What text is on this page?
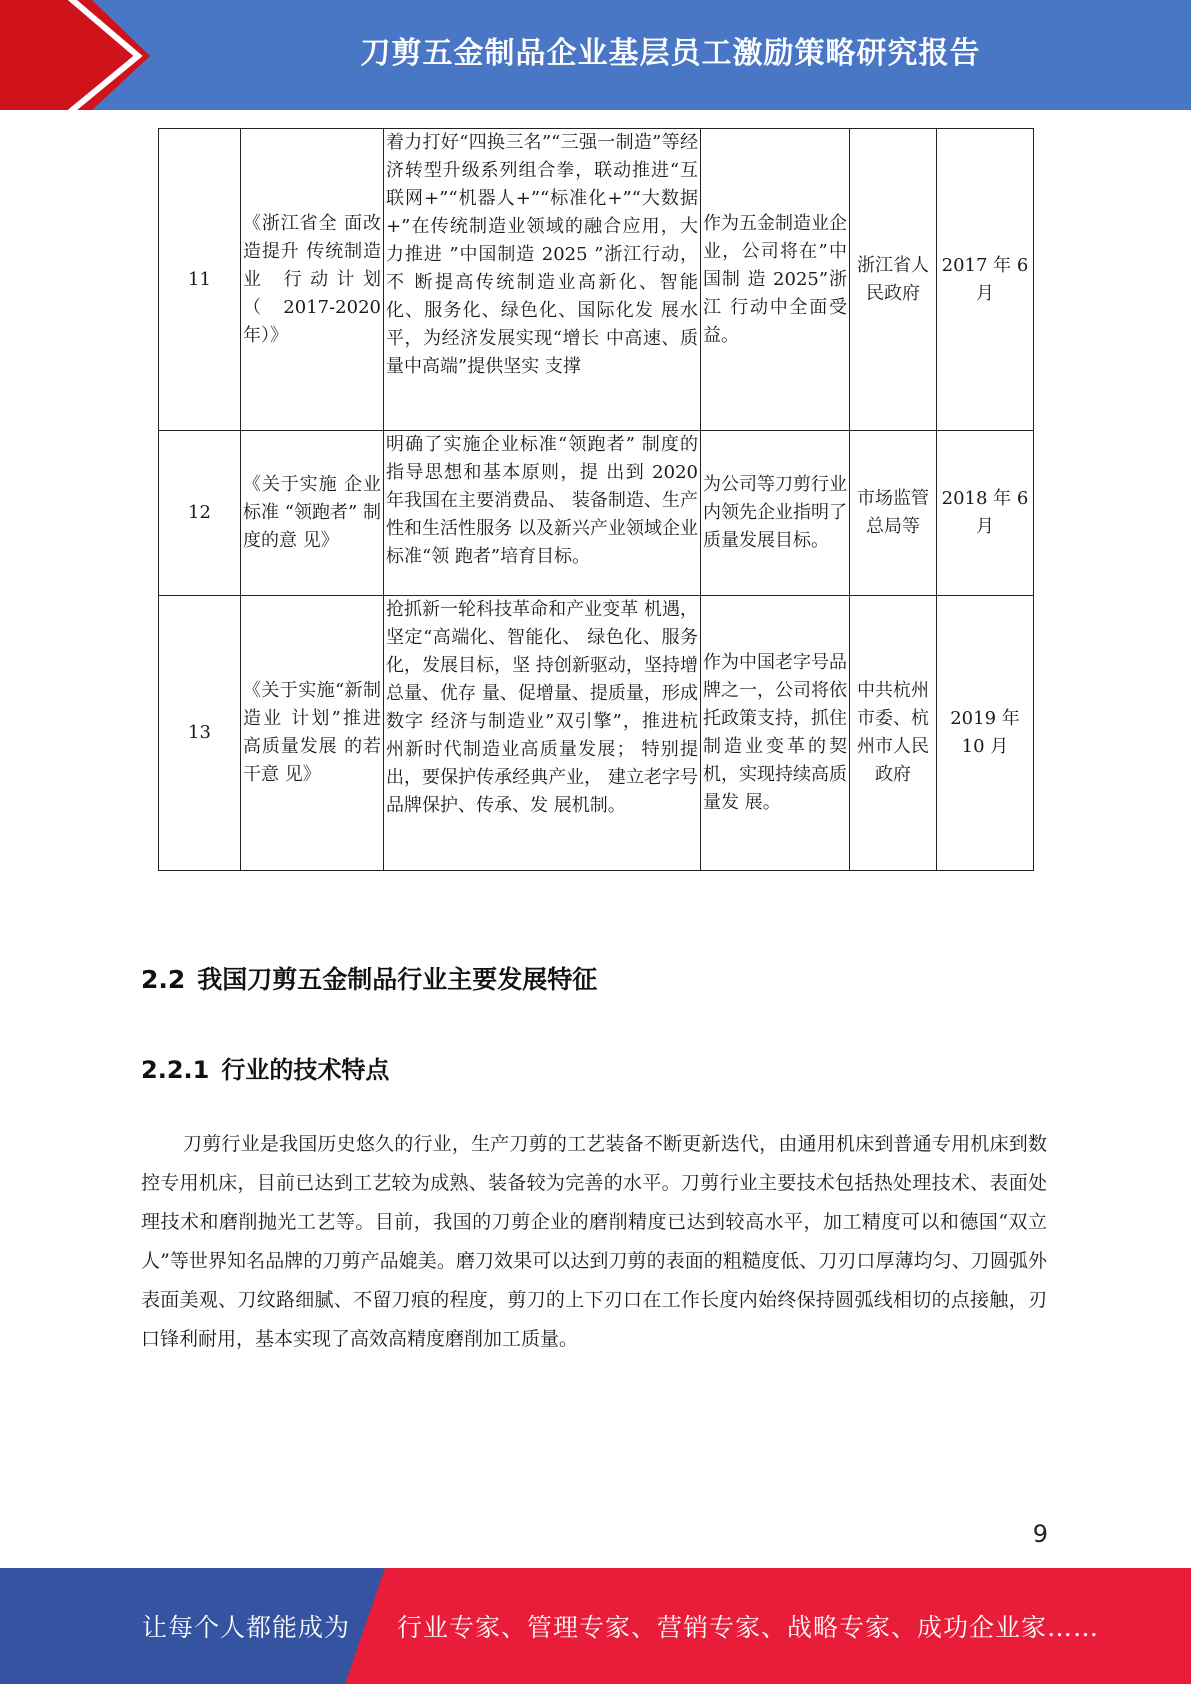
刀剪五金制品企业基层员工激励策略研究报告
11	《浙江省全 面改造提升 传统制造业 行动计划（2017-2020年）》	着力打好“四换三名”“三强一制造”等经济转型升级系列组合拳，联动推进“互联网+”“机器人+”“标准化+”“大数据+”在传统制造业领域的融合应用，大力推进 ”中国制造 2025 ”浙江行动，不 断提高传统制造业高新化、智能 化、服务化、绿色化、国际化发 展水平，为经济发展实现“增长 中高速、质量中高端”提供坚实 支撑	作为五金制造业企业，公司将在”中国制 造 2025”浙江 行动中全面受 益。	浙江省人民政府	2017 年 6 月
12	《关于实施 企业标准 “领跑者” 制度的意 见》	明确了实施企业标准“领跑者” 制度的指导思想和基本原则，提 出到 2020 年我国在主要消费品、 装备制造、生产性和生活性服务 以及新兴产业领域企业标准“领 跑者”培育目标。	为公司等刀剪行业内领先企业指明了质量发展目标。	市场监管总局等	2018 年 6 月
13	《关于实施“新制造业 计划”推进 高质量发展 的若干意 见》	抢抓新一轮科技革命和产业变革 机遇，坚定“高端化、智能化、 绿色化、服务化，发展目标，坚 持创新驱动，坚持增总量、优存 量、促增量、提质量，形成数字 经济与制造业”双引擎”，推进杭 州新时代制造业高质量发展； 特别提出，要保护传承经典产业， 建立老字号品牌保护、传承、发 展机制。	作为中国老字号品牌之一，公司将依托政策支持，抓住制造业变革的契机，实现持续高质量发 展。	中共杭州市委、杭州市人民政府	2019 年 10 月
2.2 我国刀剪五金制品行业主要发展特征
2.2.1 行业的技术特点

刀剪行业是我国历史悠久的行业，生产刀剪的工艺装备不断更新迭代，由通用机床到普通专用机床到数控专用机床，目前已达到工艺较为成熟、装备较为完善的水平。刀剪行业主要技术包括热处理技术、表面处理技术和磨削抛光工艺等。目前，我国的刀剪企业的磨削精度已达到较高水平，加工精度可以和德国“双立人”等世界知名品牌的刀剪产品媲美。磨刀效果可以达到刀剪的表面的粗糙度低、刀刃口厚薄均匀、刀圆弧外表面美观、刀纹路细腻、不留刀痕的程度，剪刀的上下刃口在工作长度内始终保持圆弧线相切的点接触，刃口锋利耐用，基本实现了高效高精度磨削加工质量。

9
让每个人都能成为 行业专家、管理专家、营销专家、战略专家、成功企业家……
